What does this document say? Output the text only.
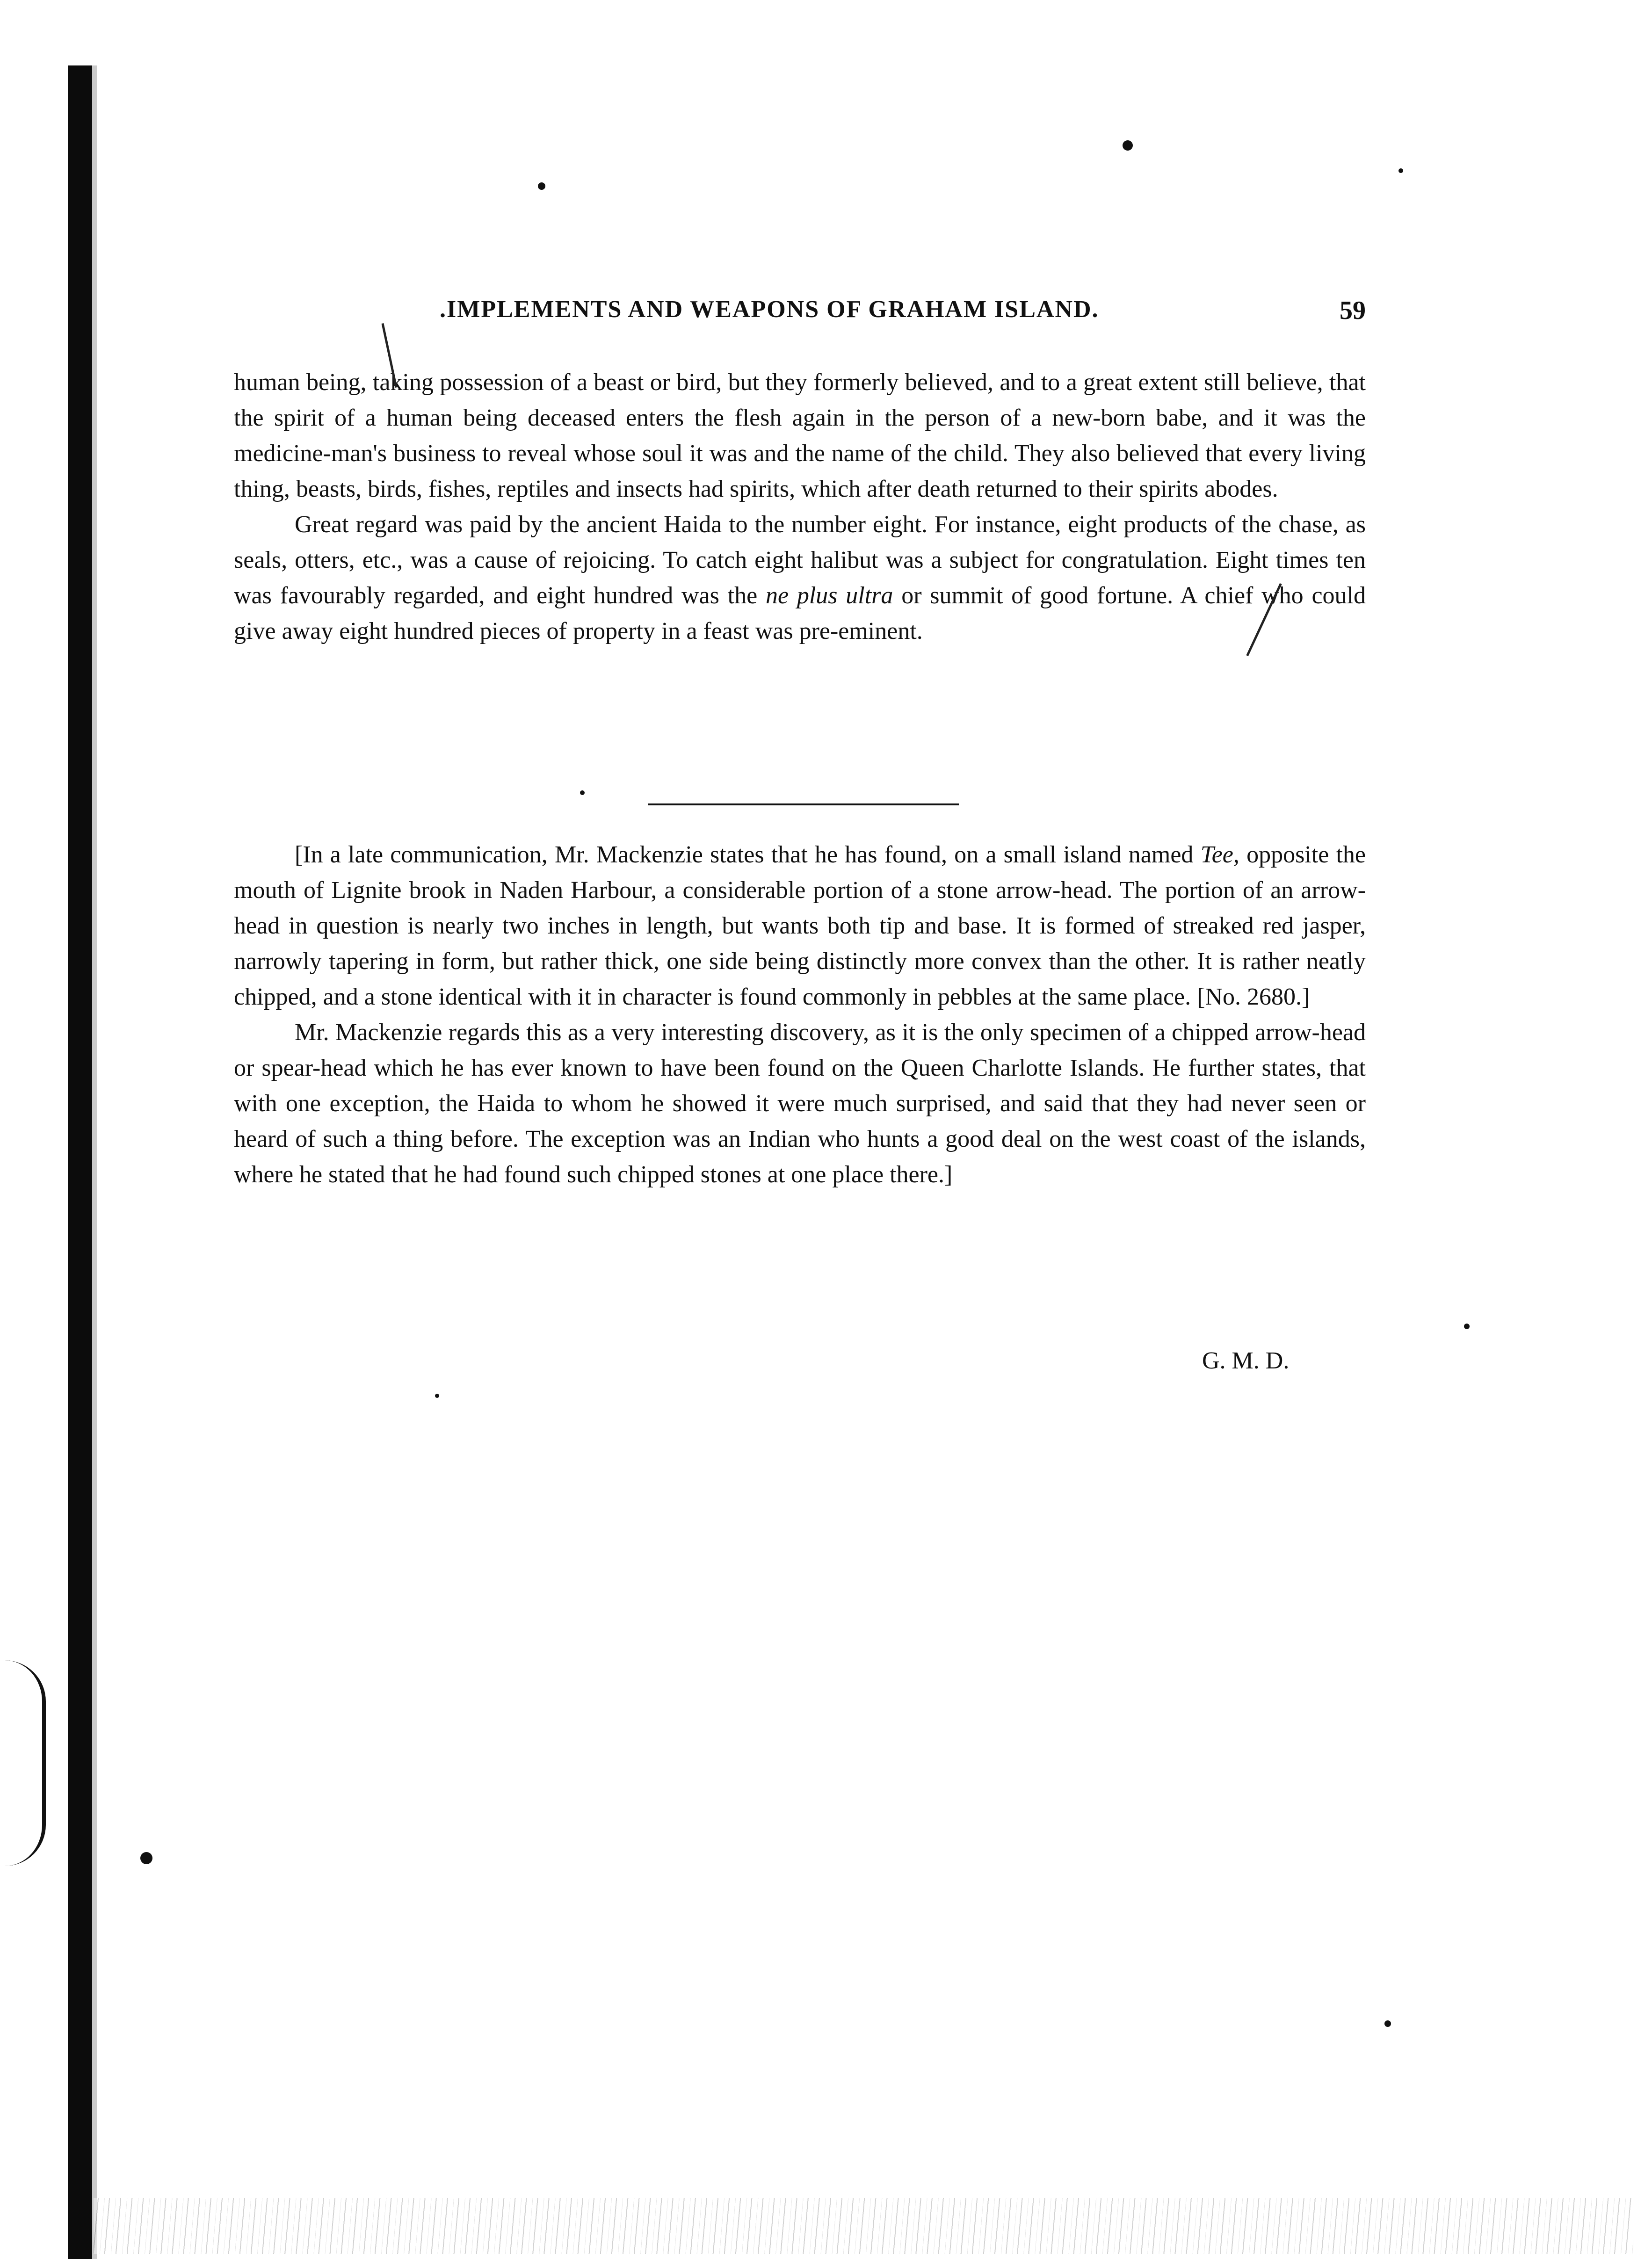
.IMPLEMENTS AND WEAPONS OF GRAHAM ISLAND.	59

human being, taking possession of a beast or bird, but they formerly believed, and to a great extent still believe, that the spirit of a human being deceased enters the flesh again in the person of a new-born babe, and it was the medicine-man's business to reveal whose soul it was and the name of the child. They also believed that every living thing, beasts, birds, fishes, reptiles and insects had spirits, which after death returned to their spirits abodes.

Great regard was paid by the ancient Haida to the number eight. For instance, eight products of the chase, as seals, otters, etc., was a cause of rejoicing. To catch eight halibut was a subject for congratulation. Eight times ten was favourably regarded, and eight hundred was the ne plus ultra or summit of good fortune. A chief who could give away eight hundred pieces of property in a feast was pre-eminent.

[In a late communication, Mr. Mackenzie states that he has found, on a small island named Tee, opposite the mouth of Lignite brook in Naden Harbour, a considerable portion of a stone arrow-head. The portion of an arrow-head in question is nearly two inches in length, but wants both tip and base. It is formed of streaked red jasper, narrowly tapering in form, but rather thick, one side being distinctly more convex than the other. It is rather neatly chipped, and a stone identical with it in character is found commonly in pebbles at the same place. [No. 2680.]

Mr. Mackenzie regards this as a very interesting discovery, as it is the only specimen of a chipped arrow-head or spear-head which he has ever known to have been found on the Queen Charlotte Islands. He further states, that with one exception, the Haida to whom he showed it were much surprised, and said that they had never seen or heard of such a thing before. The exception was an Indian who hunts a good deal on the west coast of the islands, where he stated that he had found such chipped stones at one place there.]

G. M. D.
